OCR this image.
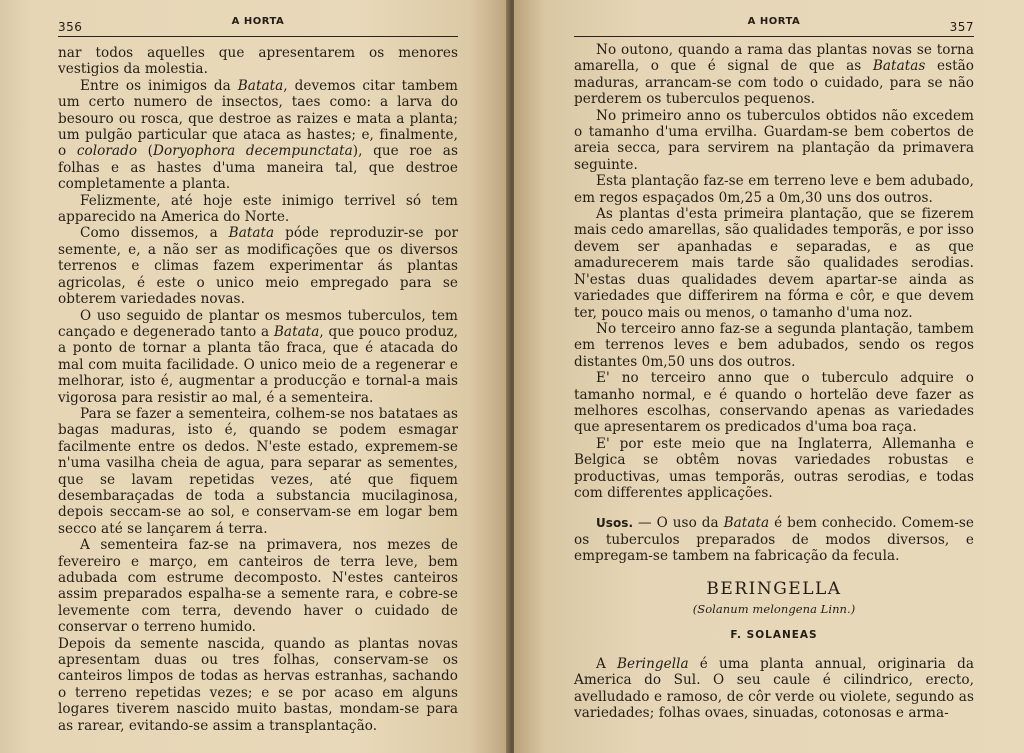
356	A HORTA

nar todos aquelles que apresentarem os menores vestigios da molestia.

Entre os inimigos da Batata, devemos citar tambem um certo numero de insectos, taes como: a larva do besouro ou rosca, que destroe as raizes e mata a planta; um pulgão particular que ataca as hastes; e, finalmente, o colorado (Doryophora decempunctata), que roe as folhas e as hastes d'uma maneira tal, que destroe completamente a planta.

Felizmente, até hoje este inimigo terrivel só tem apparecido na America do Norte.

Como dissemos, a Batata póde reproduzir-se por semente, e, a não ser as modificações que os diversos terrenos e climas fazem experimentar ás plantas agricolas, é este o unico meio empregado para se obterem variedades novas.

O uso seguido de plantar os mesmos tuberculos, tem cançado e degenerado tanto a Batata, que pouco produz, a ponto de tornar a planta tão fraca, que é atacada do mal com muita facilidade. O unico meio de a regenerar e melhorar, isto é, augmentar a producção e tornal-a mais vigorosa para resistir ao mal, é a sementeira.

Para se fazer a sementeira, colhem-se nos batataes as bagas maduras, isto é, quando se podem esmagar facilmente entre os dedos. N'este estado, expremem-se n'uma vasilha cheia de agua, para separar as sementes, que se lavam repetidas vezes, até que fiquem desembaraçadas de toda a substancia mucilaginosa, depois seccam-se ao sol, e conservam-se em logar bem secco até se lançarem á terra.

A sementeira faz-se na primavera, nos mezes de fevereiro e março, em canteiros de terra leve, bem adubada com estrume decomposto. N'estes canteiros assim preparados espalha-se a semente rara, e cobre-se levemente com terra, devendo haver o cuidado de conservar o terreno humido.

Depois da semente nascida, quando as plantas novas apresentam duas ou tres folhas, conservam-se os canteiros limpos de todas as hervas estranhas, sachando o terreno repetidas vezes; e se por acaso em alguns logares tiverem nascido muito bastas, mondam-se para as rarear, evitando-se assim a transplantação.

A HORTA	357

No outono, quando a rama das plantas novas se torna amarella, o que é signal de que as Batatas estão maduras, arrancam-se com todo o cuidado, para se não perderem os tuberculos pequenos.

No primeiro anno os tuberculos obtidos não excedem o tamanho d'uma ervilha. Guardam-se bem cobertos de areia secca, para servirem na plantação da primavera seguinte.

Esta plantação faz-se em terreno leve e bem adubado, em regos espaçados 0m,25 a 0m,30 uns dos outros.

As plantas d'esta primeira plantação, que se fizerem mais cedo amarellas, são qualidades temporãs, e por isso devem ser apanhadas e separadas, e as que amadurecerem mais tarde são qualidades serodias. N'estas duas qualidades devem apartar-se ainda as variedades que differirem na fórma e côr, e que devem ter, pouco mais ou menos, o tamanho d'uma noz.

No terceiro anno faz-se a segunda plantação, tambem em terrenos leves e bem adubados, sendo os regos distantes 0m,50 uns dos outros.

E' no terceiro anno que o tuberculo adquire o tamanho normal, e é quando o hortelão deve fazer as melhores escolhas, conservando apenas as variedades que apresentarem os predicados d'uma boa raça.

E' por este meio que na Inglaterra, Allemanha e Belgica se obtêm novas variedades robustas e productivas, umas temporãs, outras serodias, e todas com differentes applicações.

Usos. — O uso da Batata é bem conhecido. Comem-se os tuberculos preparados de modos diversos, e empregam-se tambem na fabricação da fecula.

BERINGELLA
(Solanum melongena Linn.)
F. SOLANEAS

A Beringella é uma planta annual, originaria da America do Sul. O seu caule é cilindrico, erecto, avelludado e ramoso, de côr verde ou violete, segundo as variedades; folhas ovaes, sinuadas, cotonosas e arma-
